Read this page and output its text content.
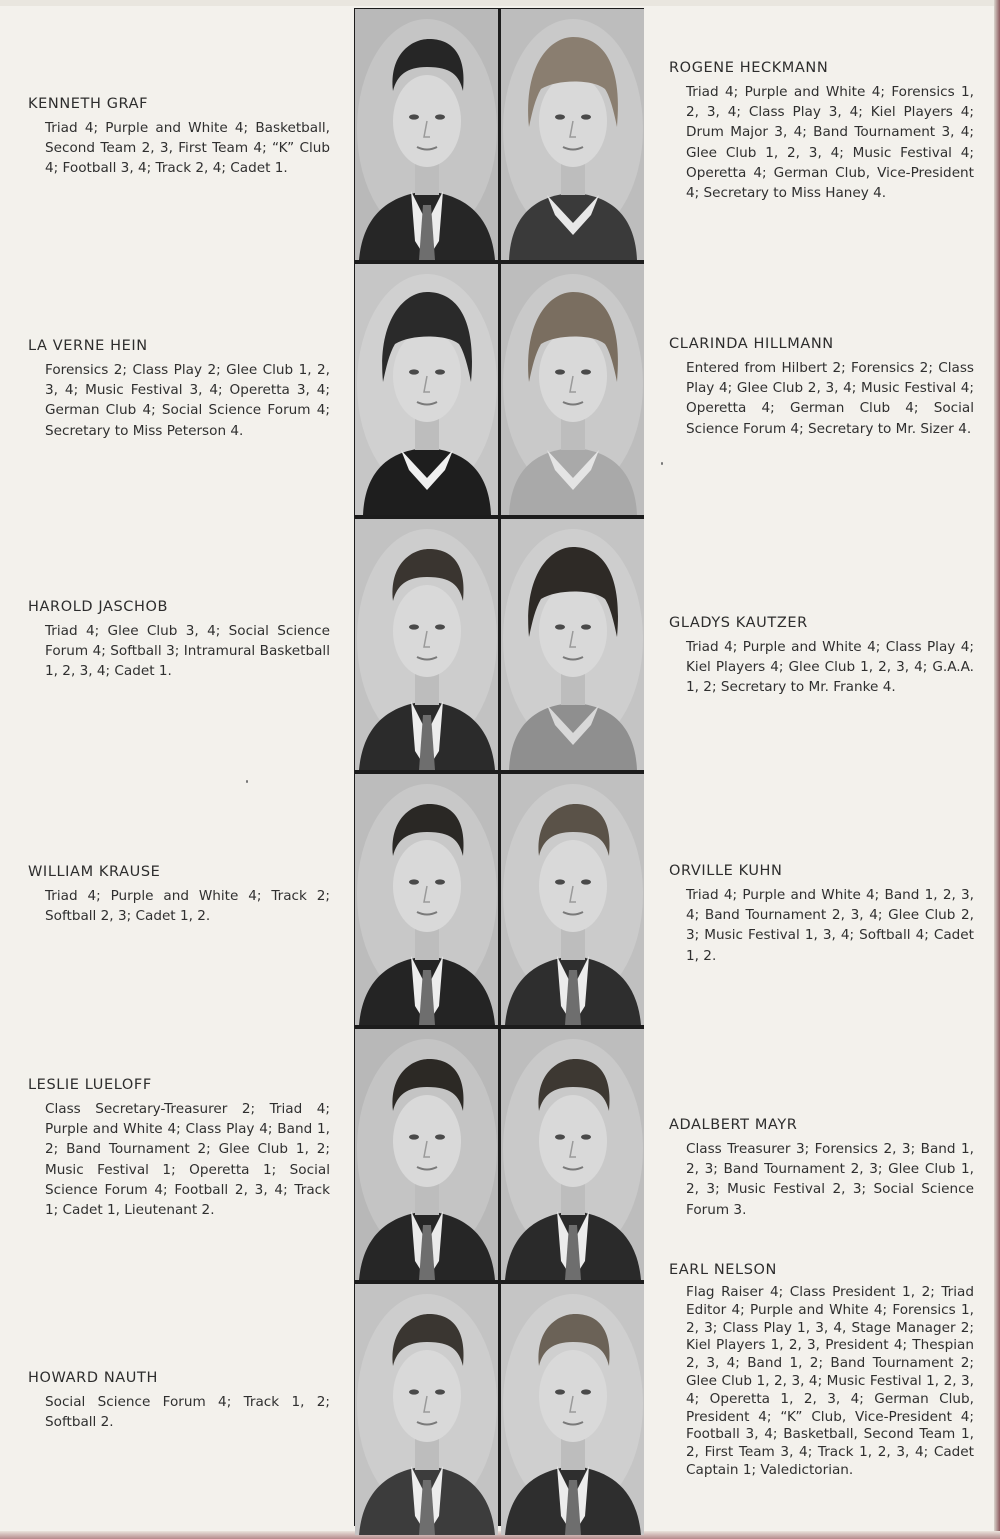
KENNETH GRAF

Triad 4; Purple and White 4; Basketball, Second Team 2, 3, First Team 4; “K” Club 4; Football 3, 4; Track 2, 4; Cadet 1.

LA VERNE HEIN

Forensics 2; Class Play 2; Glee Club 1, 2, 3, 4; Music Festival 3, 4; Operetta 3, 4; German Club 4; Social Science Forum 4; Secretary to Miss Peterson 4.

HAROLD JASCHOB

Triad 4; Glee Club 3, 4; Social Science Forum 4; Softball 3; Intramural Basketball 1, 2, 3, 4; Cadet 1.

WILLIAM KRAUSE

Triad 4; Purple and White 4; Track 2; Softball 2, 3; Cadet 1, 2.

LESLIE LUELOFF

Class Secretary-Treasurer 2; Triad 4; Purple and White 4; Class Play 4; Band 1, 2; Band Tournament 2; Glee Club 1, 2; Music Festival 1; Operetta 1; Social Science Forum 4; Football 2, 3, 4; Track 1; Cadet 1, Lieutenant 2.

HOWARD NAUTH

Social Science Forum 4; Track 1, 2; Softball 2.

ROGENE HECKMANN

Triad 4; Purple and White 4; Forensics 1, 2, 3, 4; Class Play 3, 4; Kiel Players 4; Drum Major 3, 4; Band Tournament 3, 4; Glee Club 1, 2, 3, 4; Music Festival 4; Operetta 4; German Club, Vice-President 4; Secretary to Miss Haney 4.

CLARINDA HILLMANN

Entered from Hilbert 2; Forensics 2; Class Play 4; Glee Club 2, 3, 4; Music Festival 4; Operetta 4; German Club 4; Social Science Forum 4; Secretary to Mr. Sizer 4.

GLADYS KAUTZER

Triad 4; Purple and White 4; Class Play 4; Kiel Players 4; Glee Club 1, 2, 3, 4; G.A.A. 1, 2; Secretary to Mr. Franke 4.

ORVILLE KUHN

Triad 4; Purple and White 4; Band 1, 2, 3, 4; Band Tournament 2, 3, 4; Glee Club 2, 3; Music Festival 1, 3, 4; Softball 4; Cadet 1, 2.

ADALBERT MAYR

Class Treasurer 3; Forensics 2, 3; Band 1, 2, 3; Band Tournament 2, 3; Glee Club 1, 2, 3; Music Festival 2, 3; Social Science Forum 3.

EARL NELSON

Flag Raiser 4; Class President 1, 2; Triad Editor 4; Purple and White 4; Forensics 1, 2, 3; Class Play 1, 3, 4, Stage Manager 2; Kiel Players 1, 2, 3, President 4; Thespian 2, 3, 4; Band 1, 2; Band Tournament 2; Glee Club 1, 2, 3, 4; Music Festival 1, 2, 3, 4; Operetta 1, 2, 3, 4; German Club, President 4; “K” Club, Vice-President 4; Football 3, 4; Basketball, Second Team 1, 2, First Team 3, 4; Track 1, 2, 3, 4; Cadet Captain 1; Valedictorian.
